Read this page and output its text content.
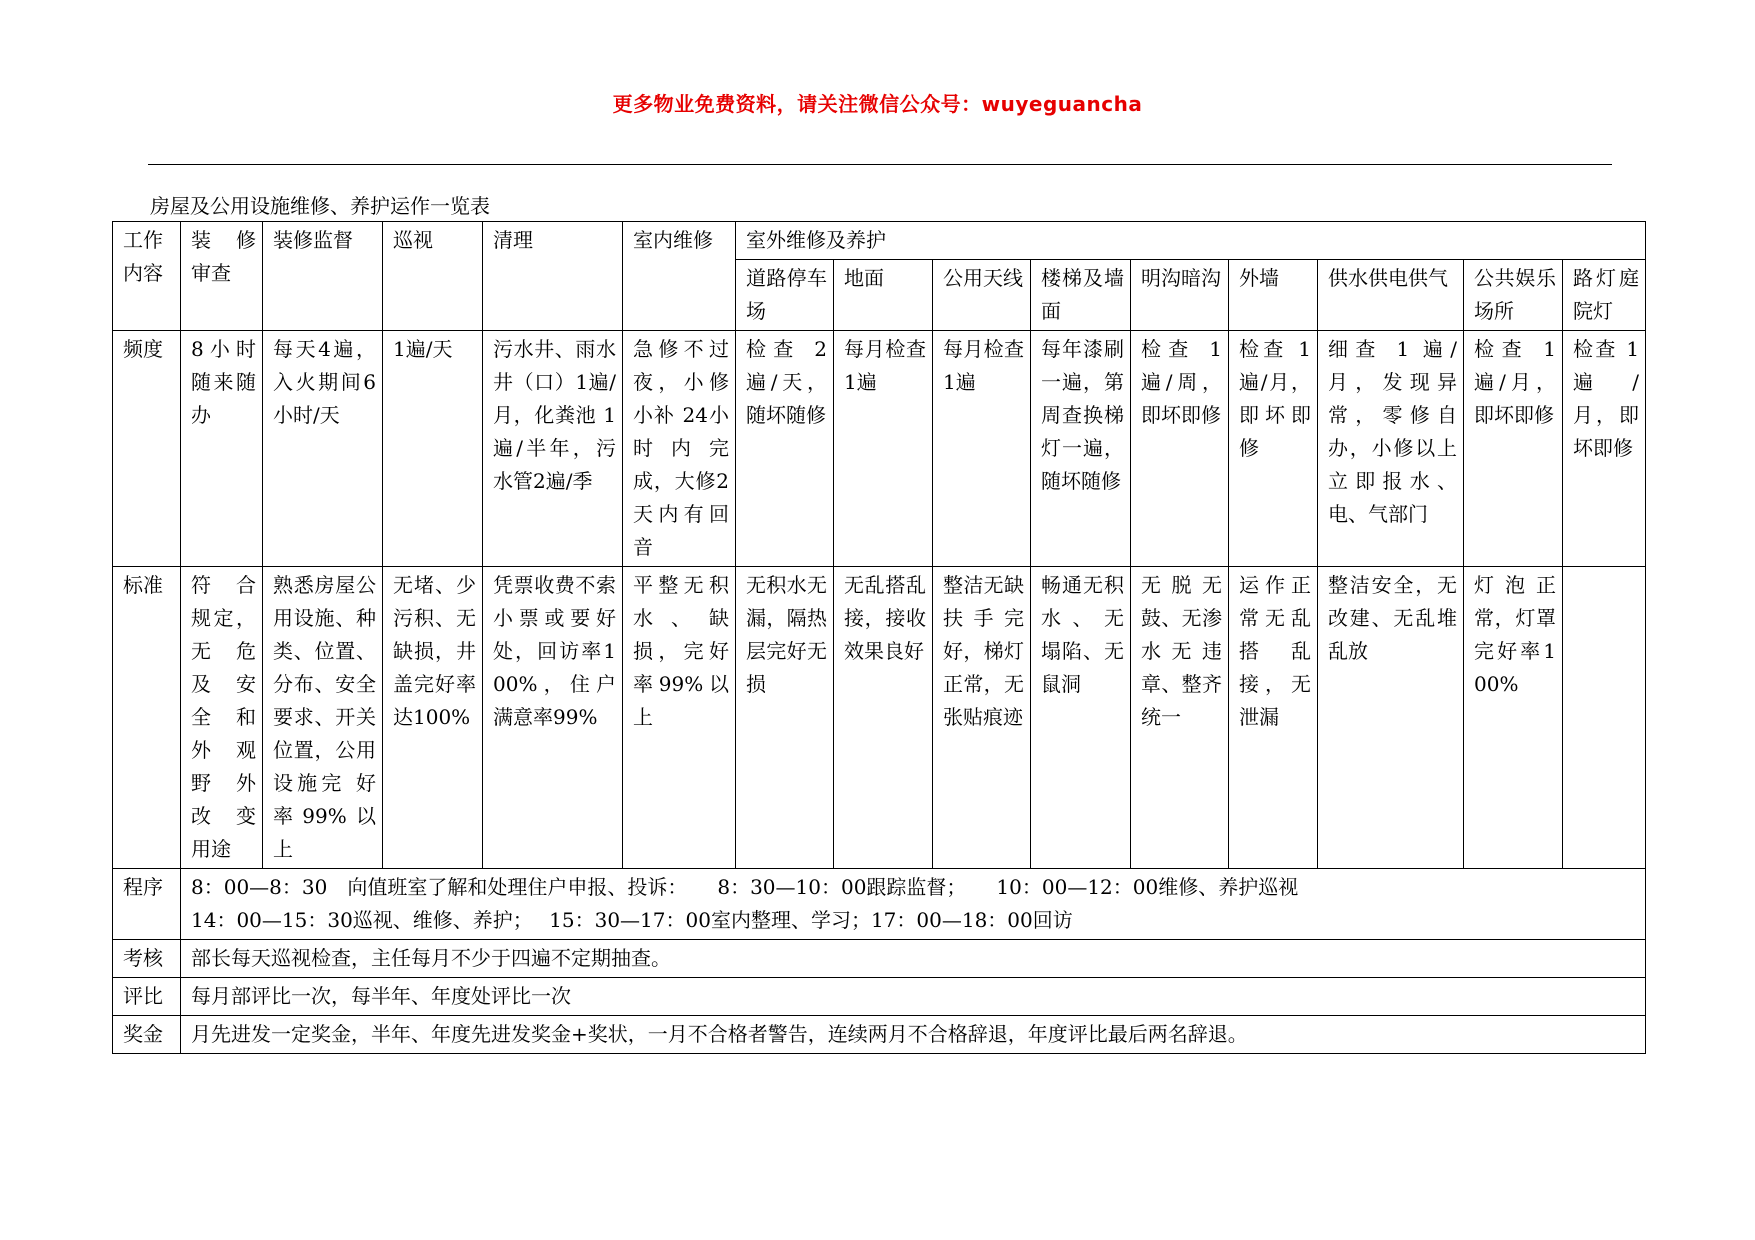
更多物业免费资料，请关注微信公众号：wuyeguancha
房屋及公用设施维修、养护运作一览表
工作内容	装 修审查	装修监督	巡视	清理	室内维修	室外维修及养护								
						道路停车场	地面	公用天线	楼梯及墙面	明沟暗沟	外墙	供水供电供气	公共娱乐场所	路灯庭院灯
频度	8小时随来随办	每天4遍，入火期间6小时/天	1遍/天	污水井、雨水井（口）1遍/月，化粪池 1 遍/半年，污水管2遍/季	急修不过夜，小修小补 24小时内完成，大修2 天内有回音	检查 2遍/天，随坏随修	每月检查1遍	每月检查1遍	每年漆刷 一遍，第周查换梯灯一遍，随坏随修	检查 1遍/周，即坏即修	检查 1遍/月，即坏即修	细查 1 遍/月，发现异常，零修自办，小修以上立即报水、电、气部门	检查 1遍/月，即坏即修	检查 1遍/月，即坏即修
标准	符 合规定，无 危及 安全 和外 观野 外改 变用途	熟悉房屋公用设施、种类、位置、分布、安全要求、开关位置，公用设施完 好 率99%以上	无堵、少 污积、无缺损，井盖完好率达100%	凭票收费不索小票或要好处，回访率100%，住户满意率99%	平整无积水、缺损，完好率99%以上	无积水无漏，隔热层完好无损	无乱搭乱接，接收效果良好	整洁无缺扶手完好，梯灯正常，无张贴痕迹	畅通无积水、无 塌陷、无鼠洞	无脱无鼓、无渗水无违章、整齐统一	运作正常无乱搭 乱接，无泄漏	整洁安全，无改建、无乱堆乱放	灯泡正常，灯罩完好率100%	
程序	8：00—8：30　向值班室了解和处理住户申报、投诉：　　8：30—10：00跟踪监督；　　10：00—12：00维修、养护巡视
14：00—15：30巡视、维修、养护；　 15：30—17：00室内整理、学习；17：00—18：00回访													

考核	部长每天巡视检查，主任每月不少于四遍不定期抽查。													
评比	每月部评比一次，每半年、年度处评比一次													
奖金	月先进发一定奖金，半年、年度先进发奖金+奖状，一月不合格者警告，连续两月不合格辞退，年度评比最后两名辞退。													
